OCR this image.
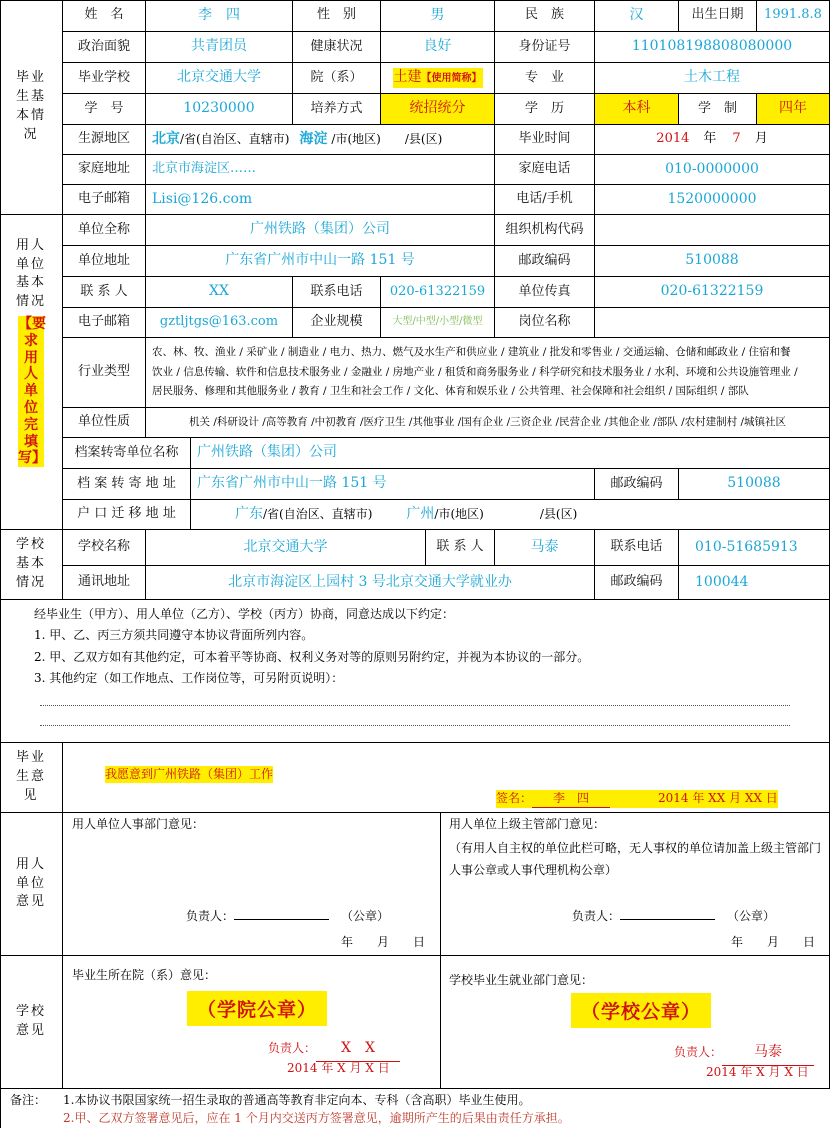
毕业生基本情况
姓　名	李　四	性　别	男	民　族	汉	出生日期	1991.8.8
政治面貌	共青团员	健康状况	良好	身份证号	110108198808080000
毕业学校	北京交通大学	院（系）	土建【使用简称】	专　业	土木工程
学　号	10230000	培养方式	统招统分	学　历	本科	学　制	四年
生源地区	北京 /省(自治区、直辖市) 海淀 /市(地区) /县(区)	毕业时间	2014 年 7 月
家庭地址	北京市海淀区……	家庭电话	010-0000000
电子邮箱	Lisi@126.com	电话/手机	1520000000
用人单位基本情况
【要求用人单位完填写】
单位全称	广州铁路（集团）公司	组织机构代码
单位地址	广东省广州市中山一路 151 号	邮政编码	510088
联 系 人	XX	联系电话	020-61322159	单位传真	020-61322159
电子邮箱	gztljtgs@163.com	企业规模	大型/中型/小型/微型	岗位名称
行业类型
农、林、牧、渔业 / 采矿业 / 制造业 / 电力、热力、燃气及水生产和供应业 / 建筑业 / 批发和零售业 / 交通运输、仓储和邮政业 / 住宿和餐
饮业 / 信息传输、软件和信息技术服务业 / 金融业 / 房地产业 / 租赁和商务服务业 / 科学研究和技术服务业 / 水利、环境和公共设施管理业 /
居民服务、修理和其他服务业 / 教育 / 卫生和社会工作 / 文化、体育和娱乐业 / 公共管理、社会保障和社会组织 / 国际组织 / 部队
单位性质	机关 /科研设计 /高等教育 /中初教育 /医疗卫生 /其他事业 /国有企业 /三资企业 /民营企业 /其他企业 /部队 /农村建制村 /城镇社区
档案转寄单位名称	广州铁路（集团）公司
档 案 转 寄 地 址	广东省广州市中山一路 151 号	邮政编码	510088
户 口 迁 移 地 址	广东 /省(自治区、直辖市) 广州 /市(地区)	/县(区)
学校基本情况
学校名称	北京交通大学	联 系 人	马泰	联系电话	010-51685913
通讯地址	北京市海淀区上园村 3 号北京交通大学就业办	邮政编码	100044
经毕业生（甲方）、用人单位（乙方）、学校（丙方）协商，同意达成以下约定：
1. 甲、乙、丙三方须共同遵守本协议背面所列内容。
2. 甲、乙双方如有其他约定，可本着平等协商、权利义务对等的原则另附约定，并视为本协议的一部分。
3. 其他约定（如工作地点、工作岗位等，可另附页说明）：
毕业生意见
我愿意到广州铁路（集团）工作
签名： 李　四	2014 年 XX 月 XX 日
用人单位意见
用人单位人事部门意见：
负责人：	（公章）
年　　月　　日
用人单位上级主管部门意见：
（有用人自主权的单位此栏可略，无人事权的单位请加盖上级主管部门人事公章或人事代理机构公章）
负责人：	（公章）
年　　月　　日
学校意见
毕业生所在院（系）意见：
（学院公章）
负责人： X　X
2014 年 X 月 X 日
学校毕业生就业部门意见：
（学校公章）
负责人： 马泰
2014 年 X 月 X 日
备注： 1.本协议书限国家统一招生录取的普通高等教育非定向本、专科（含高职）毕业生使用。
2.甲、乙双方签署意见后，应在 1 个月内交送丙方签署意见，逾期所产生的后果由责任方承担。
